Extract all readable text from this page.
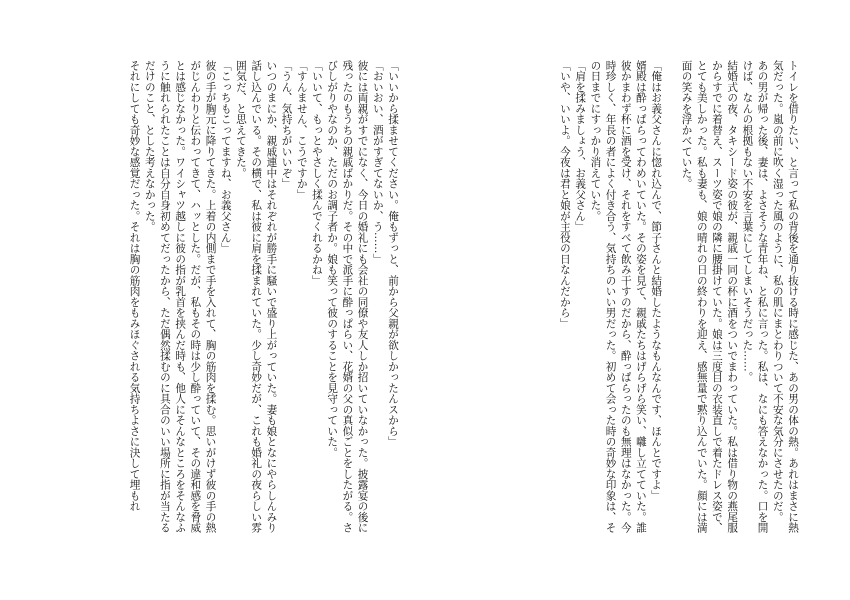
トイレを借りたい、と言って私の背後を通り抜ける時に感じた、あの男の体の熱。あれはまさに熱気だった。嵐の前に吹く湿った風のように、私の肌にまとわりついて不安な気分にさせたのだ。

あの男が帰った後、妻は、よさそうな青年ね、と私に言った。私は、なにも答えなかった。口を開けば、なんの根拠もない不安を言葉にしてしまいそうだった……。

結婚式の夜、タキシード姿の彼が、親戚一同の杯に酒をついでまわっていた。私は借り物の燕尾服からすでに着替え、スーツ姿で娘の隣に腰掛けていた。娘は三度目の衣装直しで着たドレス姿で、とても美しかった。私も妻も、娘の晴れの日の終わりを迎え、感無量で黙り込んでいた。顔には満面の笑みを浮かべていた。

「俺はお義父さんに惚れ込んで、節子さんと結婚したようなもんなんです、ほんとですよ」

婿殿は酔っぱらってわめいていた。その姿を見て、親戚たちはげらげら笑い、囃し立てていた。誰彼かまわず杯に酒を受け、それをすべて飲み干すのだから、酔っぱらったのも無理はなかった。今時珍しく、年長の者によく付き合う、気持ちのいい男だった。初めて会った時の奇妙な印象は、その日までにすっかり消えていた。

「肩を揉みましょう、お義父さん」

「いや、いいよ。今夜は君と娘が主役の日なんだから」

「いいから揉ませてください。俺もずっと、前から父親が欲しかったんスから」

「おいおい、酒がすぎてないか、う……」

彼には両親がすでになく、今日の婚礼にも会社の同僚や友人しか招いていなかった。披露宴の後に残ったのもうちの親戚ばかりだ。その中で派手に酔っぱらい、花婿の父の真似ごとをしたがる。さびしがりやなのか、ただのお調子者か。娘も笑って彼のすることを見守っていた。

「いいて、もっとやさしく揉んでくれるかね」

「すんません、こうですか」

「うん、気持ちがいいぞ」

いつのまにか、親戚連中はそれぞれが勝手に騒いで盛り上がっていた。妻も娘となにやらしんみり話し込んでいる。その横で、私は彼に肩を揉まれていた。少し奇妙だが、これも婚礼の夜らしい雰囲気だ、と思えてきた。

「こっちもこってますね、お義父さん」

彼の手が胸元に降りてきた。上着の内側まで手を入れて、胸の筋肉を揉む。思いがけず彼の手の熱がじんわりと伝わってきて、ハッとした。だが、私もその時は少し酔っていて、その違和感を脅威とは感じなかった。ワイシャツ越しに彼の指が乳首を挟んだ時も、他人にそんなところをそんなふうに触れられたことは自分自身初めてだったから、ただ偶然揉むのに具合のいい場所に指が当たるだけのこと、とした考えなかった。

それにしても奇妙な感覚だった。それは胸の筋肉をもみほぐされる気持ちよさに決して埋もれ
